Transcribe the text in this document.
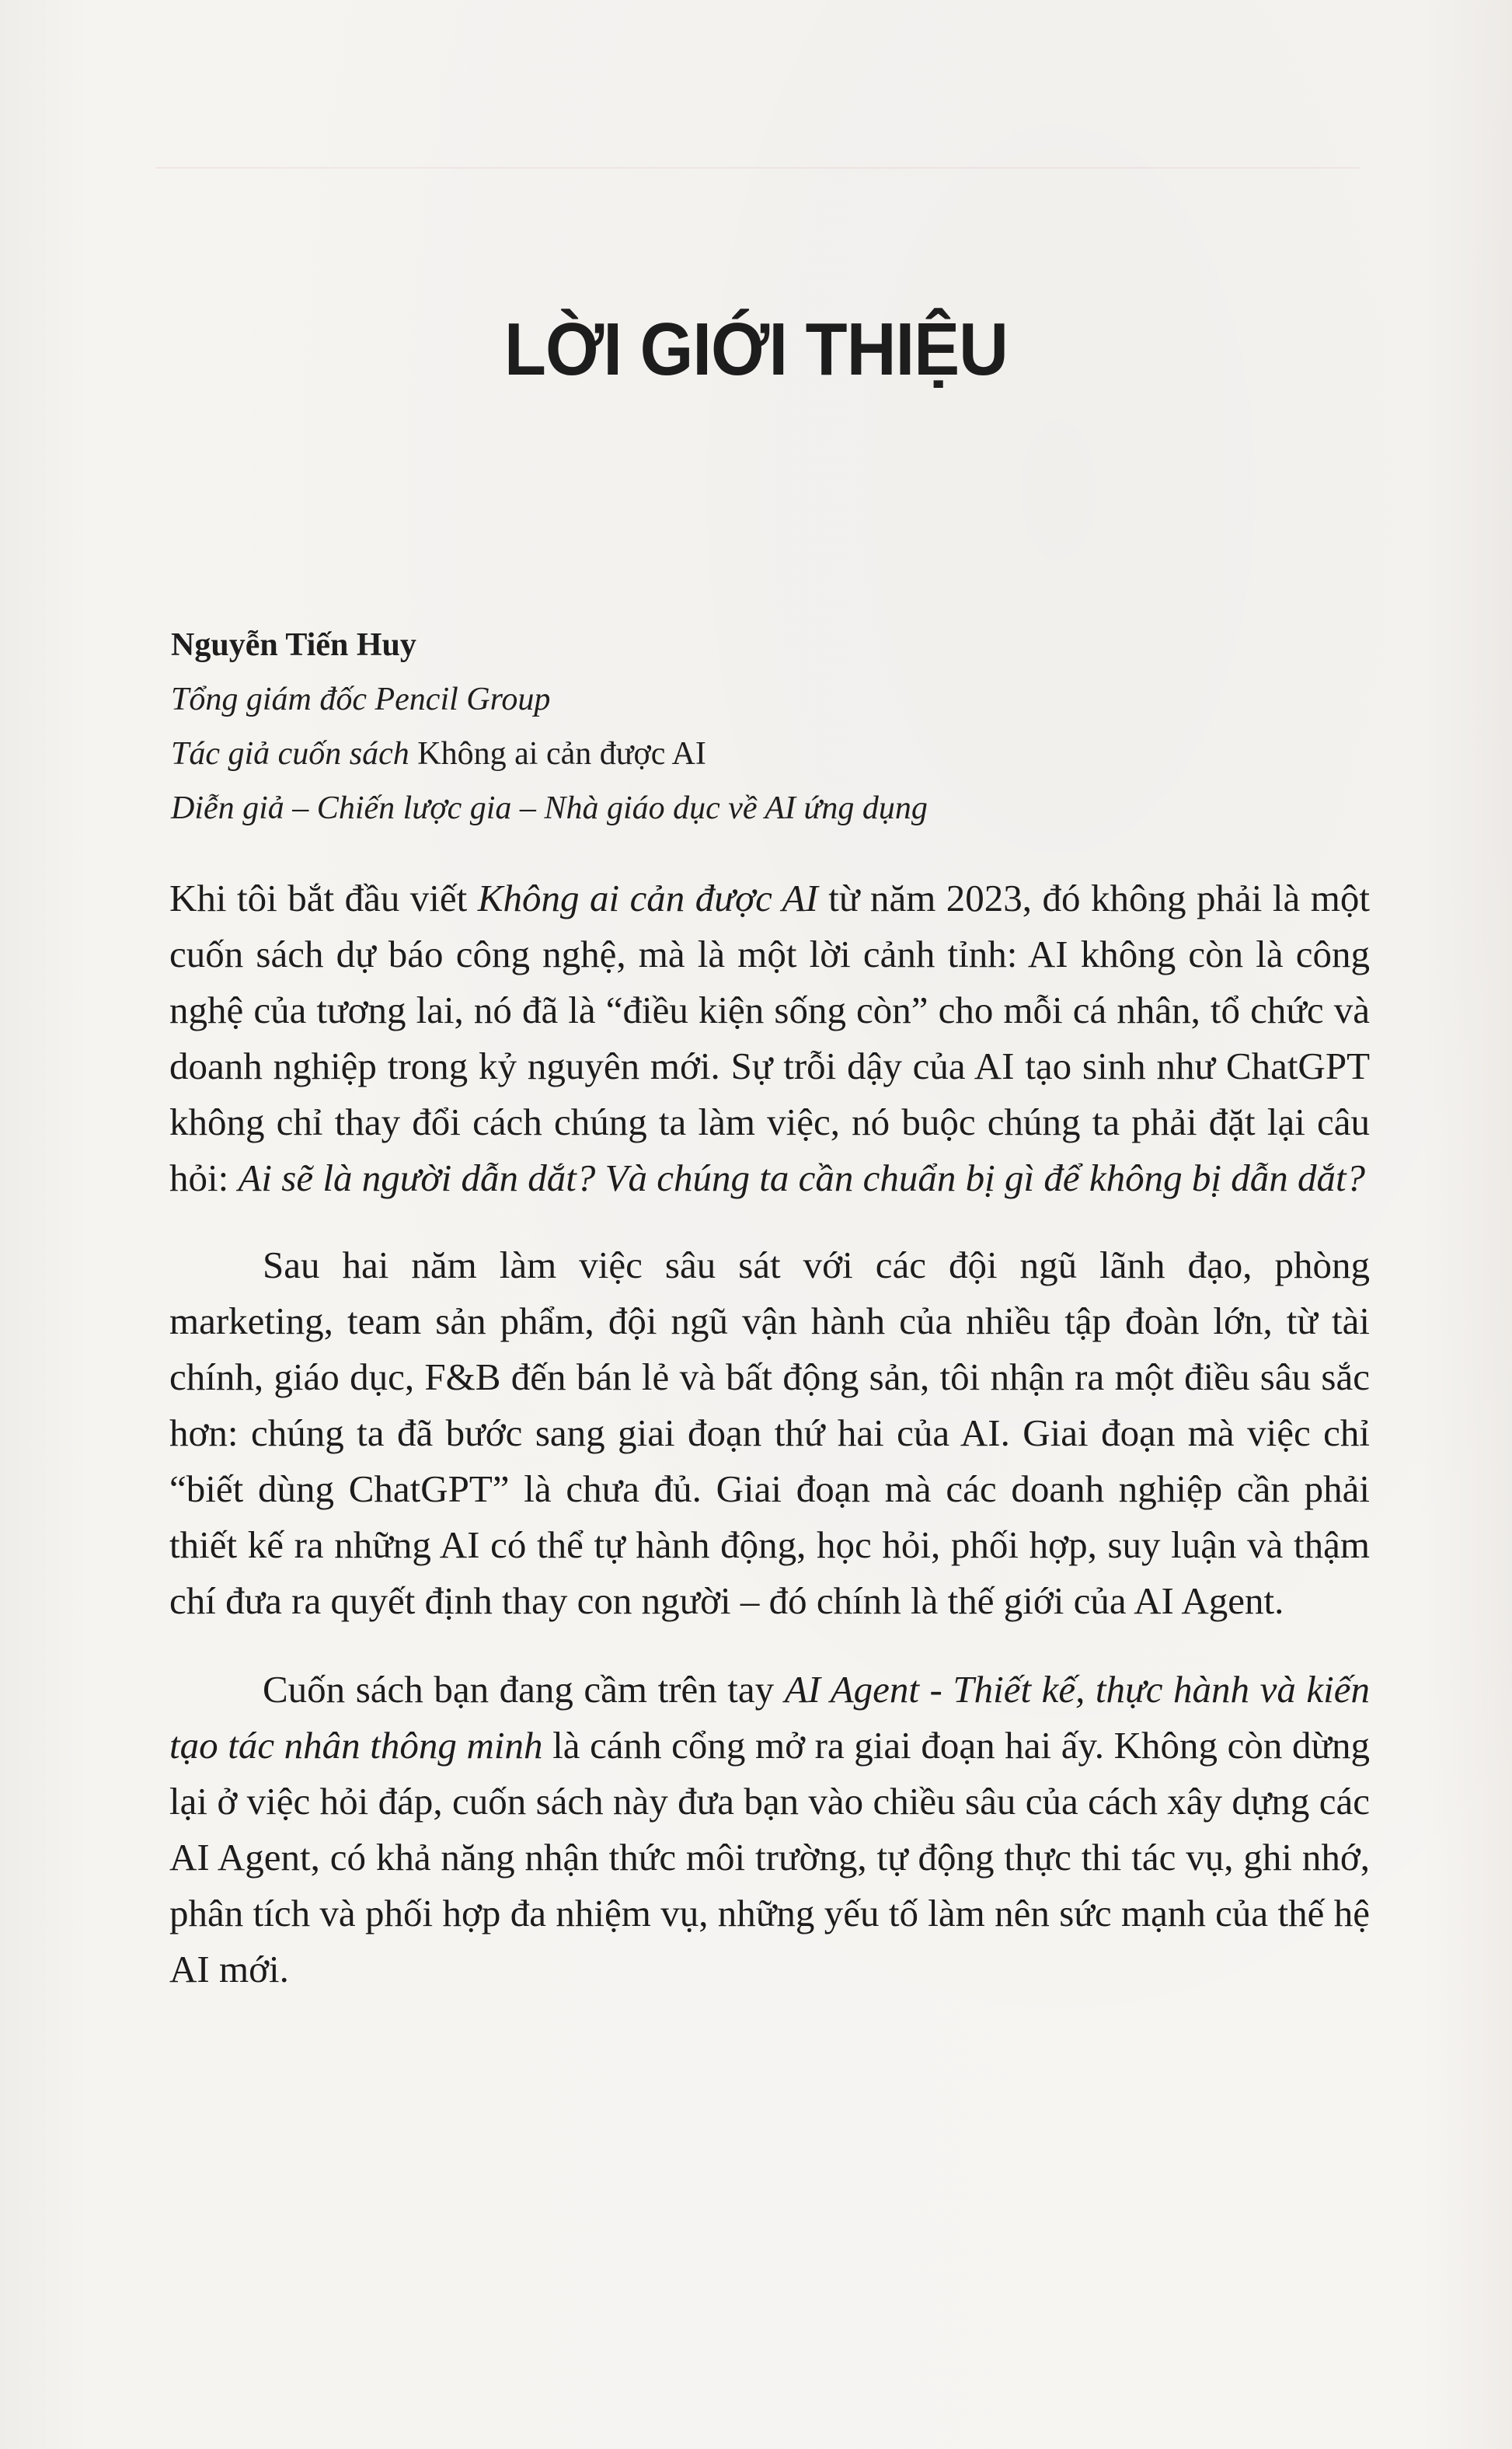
LỜI GIỚI THIỆU
Nguyễn Tiến Huy
Tổng giám đốc Pencil Group
Tác giả cuốn sách Không ai cản được AI
Diễn giả – Chiến lược gia – Nhà giáo dục về AI ứng dụng

Khi tôi bắt đầu viết Không ai cản được AI từ năm 2023, đó không phải là một cuốn sách dự báo công nghệ, mà là một lời cảnh tỉnh: AI không còn là công nghệ của tương lai, nó đã là “điều kiện sống còn” cho mỗi cá nhân, tổ chức và doanh nghiệp trong kỷ nguyên mới. Sự trỗi dậy của AI tạo sinh như ChatGPT không chỉ thay đổi cách chúng ta làm việc, nó buộc chúng ta phải đặt lại câu hỏi: Ai sẽ là người dẫn dắt? Và chúng ta cần chuẩn bị gì để không bị dẫn dắt?

Sau hai năm làm việc sâu sát với các đội ngũ lãnh đạo, phòng marketing, team sản phẩm, đội ngũ vận hành của nhiều tập đoàn lớn, từ tài chính, giáo dục, F&B đến bán lẻ và bất động sản, tôi nhận ra một điều sâu sắc hơn: chúng ta đã bước sang giai đoạn thứ hai của AI. Giai đoạn mà việc chỉ “biết dùng ChatGPT” là chưa đủ. Giai đoạn mà các doanh nghiệp cần phải thiết kế ra những AI có thể tự hành động, học hỏi, phối hợp, suy luận và thậm chí đưa ra quyết định thay con người – đó chính là thế giới của AI Agent.

Cuốn sách bạn đang cầm trên tay AI Agent - Thiết kế, thực hành và kiến tạo tác nhân thông minh là cánh cổng mở ra giai đoạn hai ấy. Không còn dừng lại ở việc hỏi đáp, cuốn sách này đưa bạn vào chiều sâu của cách xây dựng các AI Agent, có khả năng nhận thức môi trường, tự động thực thi tác vụ, ghi nhớ, phân tích và phối hợp đa nhiệm vụ, những yếu tố làm nên sức mạnh của thế hệ AI mới.
